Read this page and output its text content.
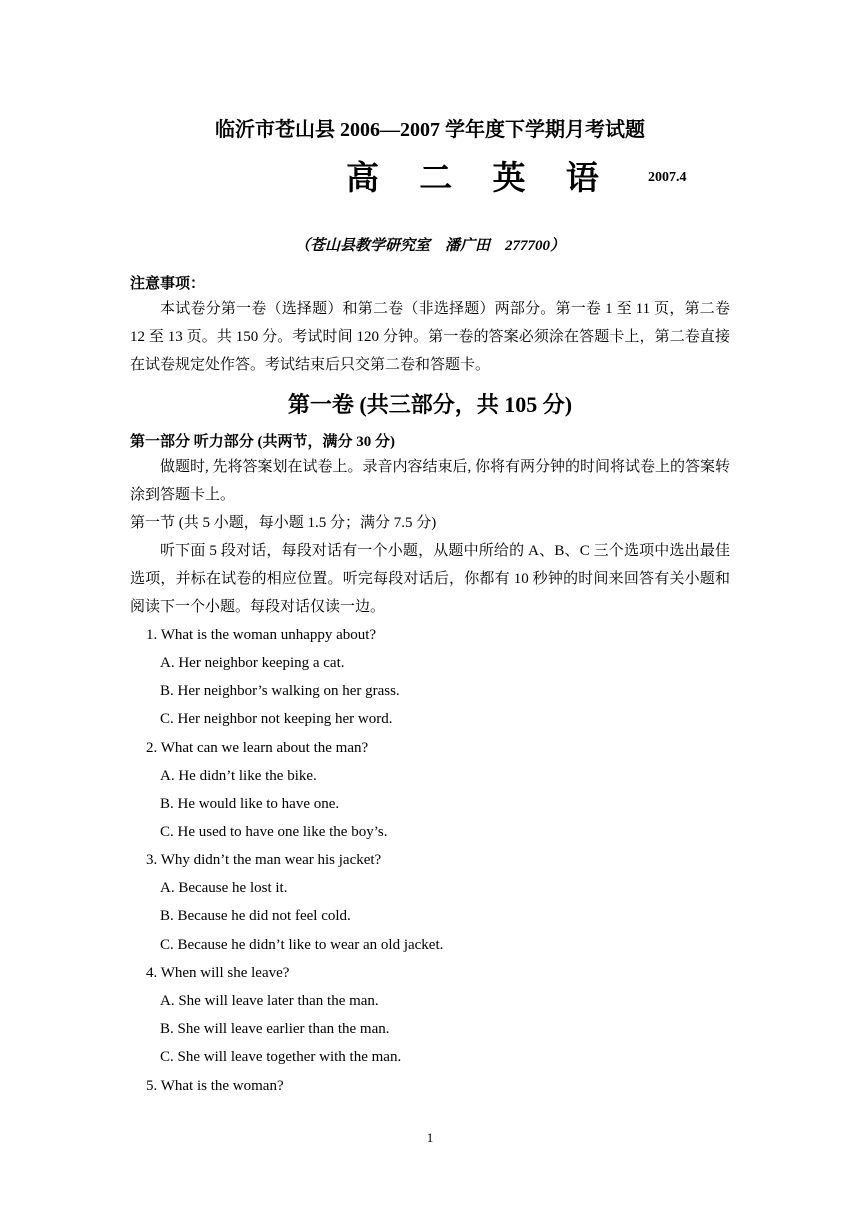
临沂市苍山县 2006—2007 学年度下学期月考试题
高 二 英 语 2007.4
（苍山县教学研究室　潘广田　277700）
注意事项：
本试卷分第一卷（选择题）和第二卷（非选择题）两部分。第一卷 1 至 11 页，第二卷 12 至 13 页。共 150 分。考试时间 120 分钟。第一卷的答案必须涂在答题卡上，第二卷直接在试卷规定处作答。考试结束后只交第二卷和答题卡。
第一卷 (共三部分，共 105 分)
第一部分 听力部分 (共两节，满分 30 分)
做题时, 先将答案划在试卷上。录音内容结束后, 你将有两分钟的时间将试卷上的答案转涂到答题卡上。
第一节 (共 5 小题，每小题 1.5 分；满分 7.5 分)
听下面 5 段对话，每段对话有一个小题，从题中所给的 A、B、C 三个选项中选出最佳选项，并标在试卷的相应位置。听完每段对话后，你都有 10 秒钟的时间来回答有关小题和阅读下一个小题。每段对话仅读一边。
1. What is the woman unhappy about?
A. Her neighbor keeping a cat.
B. Her neighbor’s walking on her grass.
C. Her neighbor not keeping her word.
2. What can we learn about the man?
A. He didn’t like the bike.
B. He would like to have one.
C. He used to have one like the boy’s.
3. Why didn’t the man wear his jacket?
A. Because he lost it.
B. Because he did not feel cold.
C. Because he didn’t like to wear an old jacket.
4. When will she leave?
A. She will leave later than the man.
B. She will leave earlier than the man.
C. She will leave together with the man.
5. What is the woman?
1
